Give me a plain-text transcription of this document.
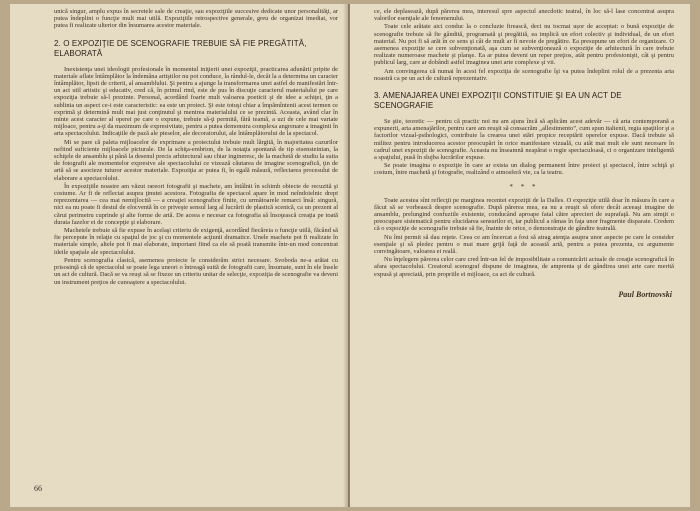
unică singur, amplu expus în secretele sale de creaţie, sau expoziţiile succesive dedicate unor personalităţi, ar putea îndeplini o funcţie mult mai utilă. Expoziţiile retrospective generale, greu de organizat imediat, vor putea fi realizate ulterior din însumarea acestor materiale.

2. O EXPOZIŢIE DE SCENOGRAFIE TREBUIE SĂ FIE PREGĂTITĂ, ELABORATĂ

Inexistenţa unei ideologii profesionale în momentul iniţierii unei expoziţii, practicarea adunării pripite de materiale aflate întâmplător la îndemâna artiştilor nu pot conduce, la rândul-le, decât la a determina un caracter întâmplător, lipsit de criterii, al ansamblului. Şi pentru a ajunge la transformarea unei astfel de manifestări într-un act util artistic şi educativ, cred că, în primul rind, este de pus în discuţie caracterul materialului pe care expoziţia trebuie să-l prezinte. Personal, acordând foarte mult valoarea poeticii şi de idee a schiţei, ţin a sublinia un aspect ce-i este caracteristic: ea este un proiect. Şi este totuşi chiar a împămîntenii acest termen ce exprimă şi determină mult mai just conţinutul şi menirea materialului ce se prezintă. Aceasta, având clar în minte acest caracter al operei pe care o expune, trebuie să-ţi permită, fără teamă, a uzi de cele mai variate mijloace, pentru a-ţi da maximum de expresivitate, pentru a putea demonstra complexa angrenare a imaginii în arta spectacolului. Indicaţiile de pază ale pieselor, ale decoratorului, ale întâmplătorului de la spectacol.

Mi se pare că paleta mijloacelor de exprimare a proiectului trebuie mult lărgită, în majoritatea cazurilor nefiind suficiente mijloacele picturale. De la schiţa-embrion, de la notaţia spontană de tip eisensteinian, la schiţele de ansamblu şi până la desenul precis arhitectural sau chiar ingineresc, de la machetă de studiu la suita de fotografii ale momentelor expresive ale spectacolului ce vizează căutarea de imagine scenografică, ţin de artă să se asocieze tuturor acestor materiale. Expoziţia ar putea fi, în egală măsură, reflectarea procesului de elaborare a spectacolului.

În expoziţiile noastre am văzut rareori fotografii şi machete, am întâlnit în schimb obiecte de recuzită şi costume. Ar fi de reflectat asupra ţinutei acestora. Fotografia de spectacol apare în mod neîndoielnic drept reprezentarea — cea mai nemijlocită — a creaţiei scenografice finite, cu următoarele remarci însă: singură, nici ea nu poate fi destul de elocventă în ce priveşte sensul larg al lucrării de plastică scenică, ca un prezent al cărui perimetru cuprinde şi alte forme de artă. De aceea e necesar ca fotografia să însoţească creaţia pe toată durata fazelor ei de concepţie şi elaborare.

Machetele trebuie să fie expuse în acelaşi criteriu de exigenţă, acordând fiecăreia o funcţie utilă, făcând să fie percepute în relaţie cu spaţiul de joc şi cu momentele acţiunii dramatice. Unele machete pot fi realizate în materiale simple, altele pot fi mai elaborate, important fiind ca ele să poată transmite într-un mod concentrat ideile spaţiale ale spectacolului.

Pentru scenografia clasică, asemenea proiecte le considerăm strict necesare. Svoboda ne-a arătat cu prisosinţă că de spectacolul se poate lega uneori o întreagă suită de fotografii care, însumate, sunt în ele însele un act de cultură. Dacă se va reuşi să se fixeze un criteriu unitar de selecţie, expoziţia de scenografie va deveni un instrument preţios de cunoaştere a spectacolului.

66

ce, ele deplasează, după părerea mea, interesul spre aspectul anecdotic teatral, în loc să-l lase concentrat asupra valorilor esenţiale ale fenomenului.

Toate cele arătate aici conduc la o concluzie firească, deci nu tocmai ușor de acceptat: o bună expoziţie de scenografie trebuie să fie gândită, programată şi pregătită, ea implică un efort colectiv şi individual, de un efort material. Nu pot fi să arăt în ce sens şi cât de mult ar fi nevoie de pregătire. Ea presupune un efort de organizare. O asemenea expoziţie se cere subvenţionată, aşa cum se subvenţionează o expoziţie de arhitectură în care trebuie realizate numeroase machete şi planşe. Ea ar putea deveni un reper preţios, atât pentru profesionişti, cât şi pentru publicul larg, care ar dobândi astfel imaginea unei arte complexe şi vii.

Am convingerea că numai în acest fel expoziţia de scenografie îşi va putea îndeplini rolul de a prezenta arta noastră ca pe un act de cultură reprezentativ.

3. AMENAJAREA UNEI EXPOZIŢII CONSTITUIE ŞI EA UN ACT DE SCENOGRAFIE

Se ştie, teoretic — pentru că practic noi nu am ajuns încă să aplicăm acest adevăr — că arta contemporană a expunerii, arta amenajărilor, pentru care am reuşit să consacrăm „allestimento”, cum spun italienii, regia spaţiilor şi a factorilor vizual-psihologici, contribuie la crearea unei stări propice receptării operelor expuse. Dacă trebuie să militez pentru introducerea acestor preocupări în orice manifestare vizuală, cu atât mai mult ele sunt necesare în cadrul unei expoziţii de scenografie. Aceasta nu înseamnă neapărat o regie spectaculoasă, ci o organizare inteligentă a spaţiului, pusă în slujba lucrărilor expuse.

Se poate imagina o expoziţie în care ar exista un dialog permanent între proiect şi spectacol, între schiţă şi costum, între machetă şi fotografie, realizând o atmosferă vie, ca la teatru.

* * *

Toate acestea sînt reflecţii pe marginea recentei expoziţii de la Dalles. O expoziţie utilă doar în măsura în care a făcut să se vorbească despre scenografie. După părerea mea, ea nu a reuşit să ofere decât aceeaşi imagine de ansamblu, prelungind confuziile existente, conducând aproape fatal către aprecieri de suprafaţă. Nu am simţit o preocupare sistematică pentru elucidarea sensurilor ei, iar publicul a rămas în faţa unor fragmente disparate. Credem că o expoziţie de scenografie trebuie să fie, înainte de orice, o demonstraţie de gândire teatrală.

Nu îmi permit să dau reţete. Ceea ce am încercat a fost să atrag atenţia asupra unor aspecte pe care le consider esenţiale şi să pledez pentru o mai mare grijă faţă de această artă, pentru a putea prezenta, cu argumente convingătoare, valoarea ei reală.

Nu înţelegem părerea celor care cred într-un fel de imposibilitate a comunicării actuale de creaţie scenografică în afara spectacolului. Creatorul scenograf dispune de imaginea, de amprenta şi de gândirea unei arte care merită expusă şi apreciată, prin propriile ei mijloace, ca act de cultură.

Paul Bortnovski
